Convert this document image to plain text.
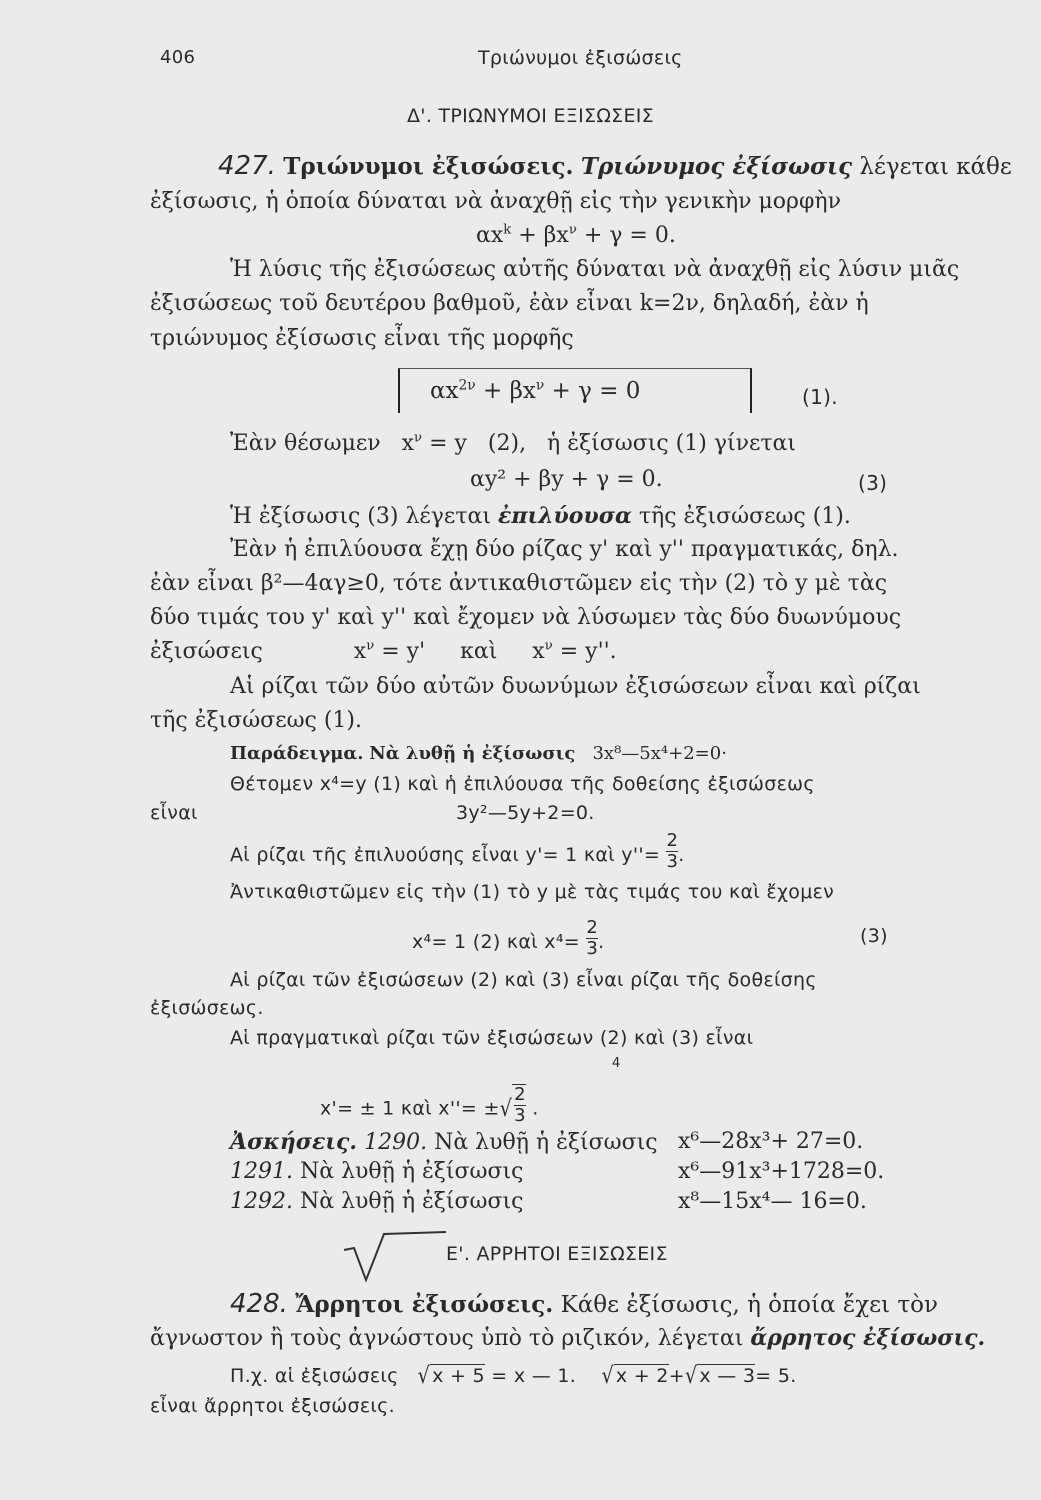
406	Τριώνυμοι ἐξισώσεις
Δ'. ΤΡΙΩΝΥΜΟΙ ΕΞΙΣΩΣΕΙΣ
427. Τριώνυμοι ἐξισώσεις. Τριώνυμος ἐξίσωσις λέγεται κάθε
ἐξίσωσις, ἡ ὁποία δύναται νὰ ἀναχθῇ εἰς τὴν γενικὴν μορφὴν
$\alpha x^k + \beta x^\nu + \gamma = 0$.
Ἡ λύσις τῆς ἐξισώσεως αὐτῆς δύναται νὰ ἀναχθῇ εἰς λύσιν μιᾶς
ἐξισώσεως τοῦ δευτέρου βαθμοῦ, ἐὰν εἶναι k=2ν, δηλαδή, ἐὰν ἡ
τριώνυμος ἐξίσωσις εἶναι τῆς μορφῆς
$\alpha x^{2\nu} + \beta x^\nu + \gamma = 0$	(1).
Ἐὰν θέσωμεν   $x^\nu = y$   (2),   ἡ ἐξίσωσις (1) γίνεται
αy² + βy + γ = 0.	(3)
Ἡ ἐξίσωσις (3) λέγεται ἐπιλύουσα τῆς ἐξισώσεως (1).
Ἐὰν ἡ ἐπιλύουσα ἔχῃ δύο ρίζας y' καὶ y'' πραγματικάς, δηλ.
ἐὰν εἶναι β²—4αγ≥0, τότε ἀντικαθιστῶμεν εἰς τὴν (2) τὸ y μὲ τὰς
δύο τιμάς του y' καὶ y'' καὶ ἔχομεν νὰ λύσωμεν τὰς δύο δυωνύμους
ἐξισώσεις             $x^\nu = y'$     καὶ     $x^\nu = y''$.
Αἱ ρίζαι τῶν δύο αὐτῶν δυωνύμων ἐξισώσεων εἶναι καὶ ρίζαι
τῆς ἐξισώσεως (1).
Παράδειγμα. Νὰ λυθῇ ἡ ἐξίσωσις 3x⁸—5x⁴+2=0·
Θέτομεν x⁴=y (1) καὶ ἡ ἐπιλύουσα τῆς δοθείσης ἐξισώσεως
εἶναι	3y²—5y+2=0.
Αἱ ρίζαι τῆς ἐπιλυούσης εἶναι y'= 1 καὶ $y''= \frac{2}{3}$ .
Ἀντικαθιστῶμεν εἰς τὴν (1) τὸ y μὲ τὰς τιμάς του καὶ ἔχομεν
x⁴= 1 (2) καὶ $x^4= \frac{2}{3}$ .	(3)
Αἱ ρίζαι τῶν ἐξισώσεων (2) καὶ (3) εἶναι ρίζαι τῆς δοθείσης
ἐξισώσεως.
Αἱ πραγματικαὶ ρίζαι τῶν ἐξισώσεων (2) καὶ (3) εἶναι
4
x'= ± 1 καὶ x''= ±√ $\frac{2}{3}$ .
Ἀσκήσεις. 1290. Νὰ λυθῇ ἡ ἐξίσωσις x⁶—28x³+ 27=0.
1291. Νὰ λυθῇ ἡ ἐξίσωσις	x⁶—91x³+1728=0.
1292. Νὰ λυθῇ ἡ ἐξίσωσις	x⁸—15x⁴— 16=0.
Ε'. ΑΡΡΗΤΟΙ ΕΞΙΣΩΣΕΙΣ
428. Ἄρρητοι ἐξισώσεις. Κάθε ἐξίσωσις, ἡ ὁποία ἔχει τὸν
ἄγνωστον ἢ τοὺς ἀγνώστους ὑπὸ τὸ ριζικόν, λέγεται ἄρρητος ἐξίσωσις.
Π.χ. αἱ ἐξισώσεις √ x + 5 = x — 1. √ x + 2+√ x — 3= 5.
εἶναι ἄρρητοι ἐξισώσεις.
